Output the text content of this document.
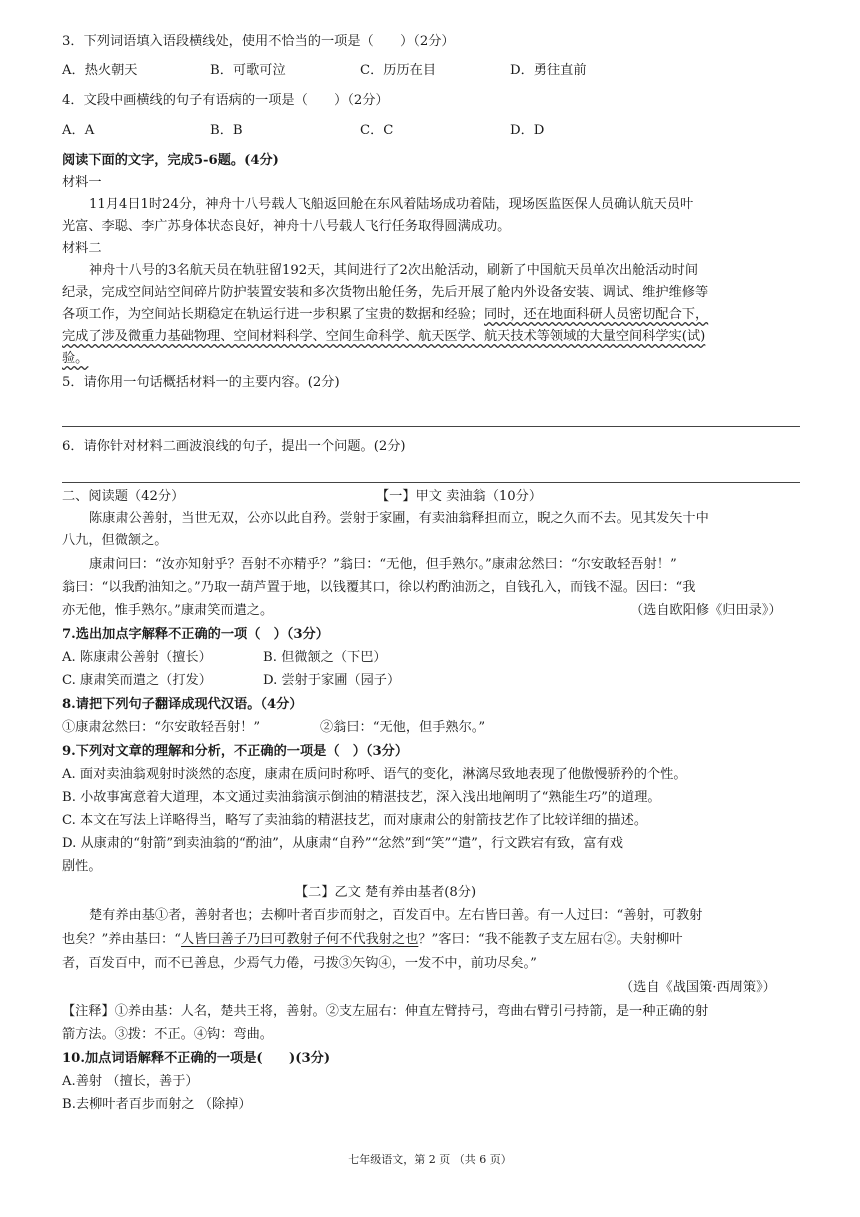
3．下列词语填入语段横线处，使用不恰当的一项是（　　）（2分）
A．热火朝天	B．可歌可泣	C．历历在目	D．勇往直前
4．文段中画横线的句子有语病的一项是（　　）（2分）
A．A	B．B	C．C	D．D
阅读下面的文字，完成5-6题。(4分)
材料一
11月4日1时24分，神舟十八号载人飞船返回舱在东风着陆场成功着陆，现场医监医保人员确认航天员叶
光富、李聪、李广苏身体状态良好，神舟十八号载人飞行任务取得圆满成功。
材料二
神舟十八号的3名航天员在轨驻留192天，其间进行了2次出舱活动，刷新了中国航天员单次出舱活动时间
纪录，完成空间站空间碎片防护装置安装和多次货物出舱任务，先后开展了舱内外设备安装、调试、维护维修等
各项工作，为空间站长期稳定在轨运行进一步积累了宝贵的数据和经验；同时，还在地面科研人员密切配合下，
完成了涉及微重力基础物理、空间材料科学、空间生命科学、航天医学、航天技术等领域的大量空间科学实(试)
验。
5．请你用一句话概括材料一的主要内容。(2分)
6．请你针对材料二画波浪线的句子，提出一个问题。(2分)
二、阅读题（42分）	【一】甲文 卖油翁（10分）
陈康肃公善射，当世无双，公亦以此自矜。尝射于家圃，有卖油翁释担而立，睨之久而不去。见其发矢十中
八九，但微颔之。
康肃问曰：“汝亦知射乎？吾射不亦精乎？”翁曰：“无他，但手熟尔。”康肃忿然曰：“尔安敢轻吾射！”
翁曰：“以我酌油知之。”乃取一葫芦置于地，以钱覆其口，徐以杓酌油沥之，自钱孔入，而钱不湿。因曰：“我
亦无他，惟手熟尔。”康肃笑而遣之。	（选自欧阳修《归田录》）
7.选出加点字解释不正确的一项（　）（3分）
A. 陈康肃公善射（擅长）	B. 但微颔之（下巴）
C. 康肃笑而遣之（打发）	D. 尝射于家圃（园子）
8.请把下列句子翻译成现代汉语。（4分）
①康肃忿然曰：“尔安敢轻吾射！”	②翁曰：“无他，但手熟尔。”
9.下列对文章的理解和分析，不正确的一项是（　）（3分）
A. 面对卖油翁观射时淡然的态度，康肃在质问时称呼、语气的变化，淋漓尽致地表现了他傲慢骄矜的个性。
B. 小故事寓意着大道理，本文通过卖油翁演示倒油的精湛技艺，深入浅出地阐明了“熟能生巧”的道理。
C. 本文在写法上详略得当，略写了卖油翁的精湛技艺，而对康肃公的射箭技艺作了比较详细的描述。
D. 从康肃的“射箭”到卖油翁的“酌油”，从康肃“自矜”“忿然”到“笑”“遣”，行文跌宕有致，富有戏
剧性。
【二】乙文 楚有养由基者(8分)
楚有养由基①者，善射者也；去柳叶者百步而射之，百发百中。左右皆曰善。有一人过曰：“善射，可教射
也矣？”养由基曰：“人皆曰善子乃曰可教射子何不代我射之也？”客曰：“我不能教子支左屈右②。夫射柳叶
者，百发百中，而不已善息，少焉气力倦，弓拨③矢钩④，一发不中，前功尽矣。”
（选自《战国策·西周策》）
【注释】①养由基：人名，楚共王将，善射。②支左屈右：伸直左臂持弓，弯曲右臂引弓持箭，是一种正确的射
箭方法。③拨：不正。④钩：弯曲。
10.加点词语解释不正确的一项是(　　)(3分)
A.善射 （擅长，善于）
B.去柳叶者百步而射之 （除掉）
七年级语文，第 2 页 （共 6 页）
